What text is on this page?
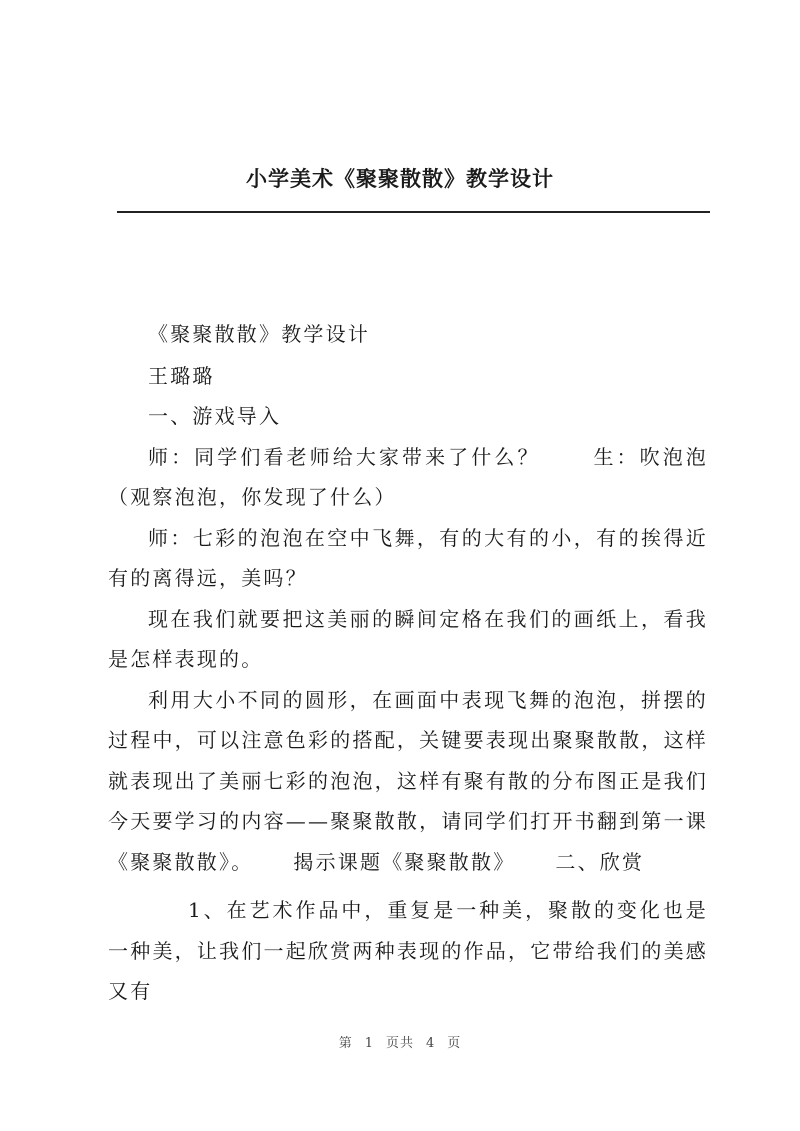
小学美术《聚聚散散》教学设计

《聚聚散散》教学设计

王璐璐

一、游戏导入

师：同学们看老师给大家带来了什么？	生：吹泡泡（观察泡泡，你发现了什么）

师：七彩的泡泡在空中飞舞，有的大有的小，有的挨得近有的离得远，美吗？

现在我们就要把这美丽的瞬间定格在我们的画纸上，看我是怎样表现的。

利用大小不同的圆形，在画面中表现飞舞的泡泡，拼摆的过程中，可以注意色彩的搭配，关键要表现出聚聚散散，这样就表现出了美丽七彩的泡泡，这样有聚有散的分布图正是我们今天要学习的内容——聚聚散散，请同学们打开书翻到第一课《聚聚散散》。 揭示课题《聚聚散散》 二、欣赏

1、在艺术作品中，重复是一种美，聚散的变化也是一种美，让我们一起欣赏两种表现的作品，它带给我们的美感又有

第 1 页共 4 页
